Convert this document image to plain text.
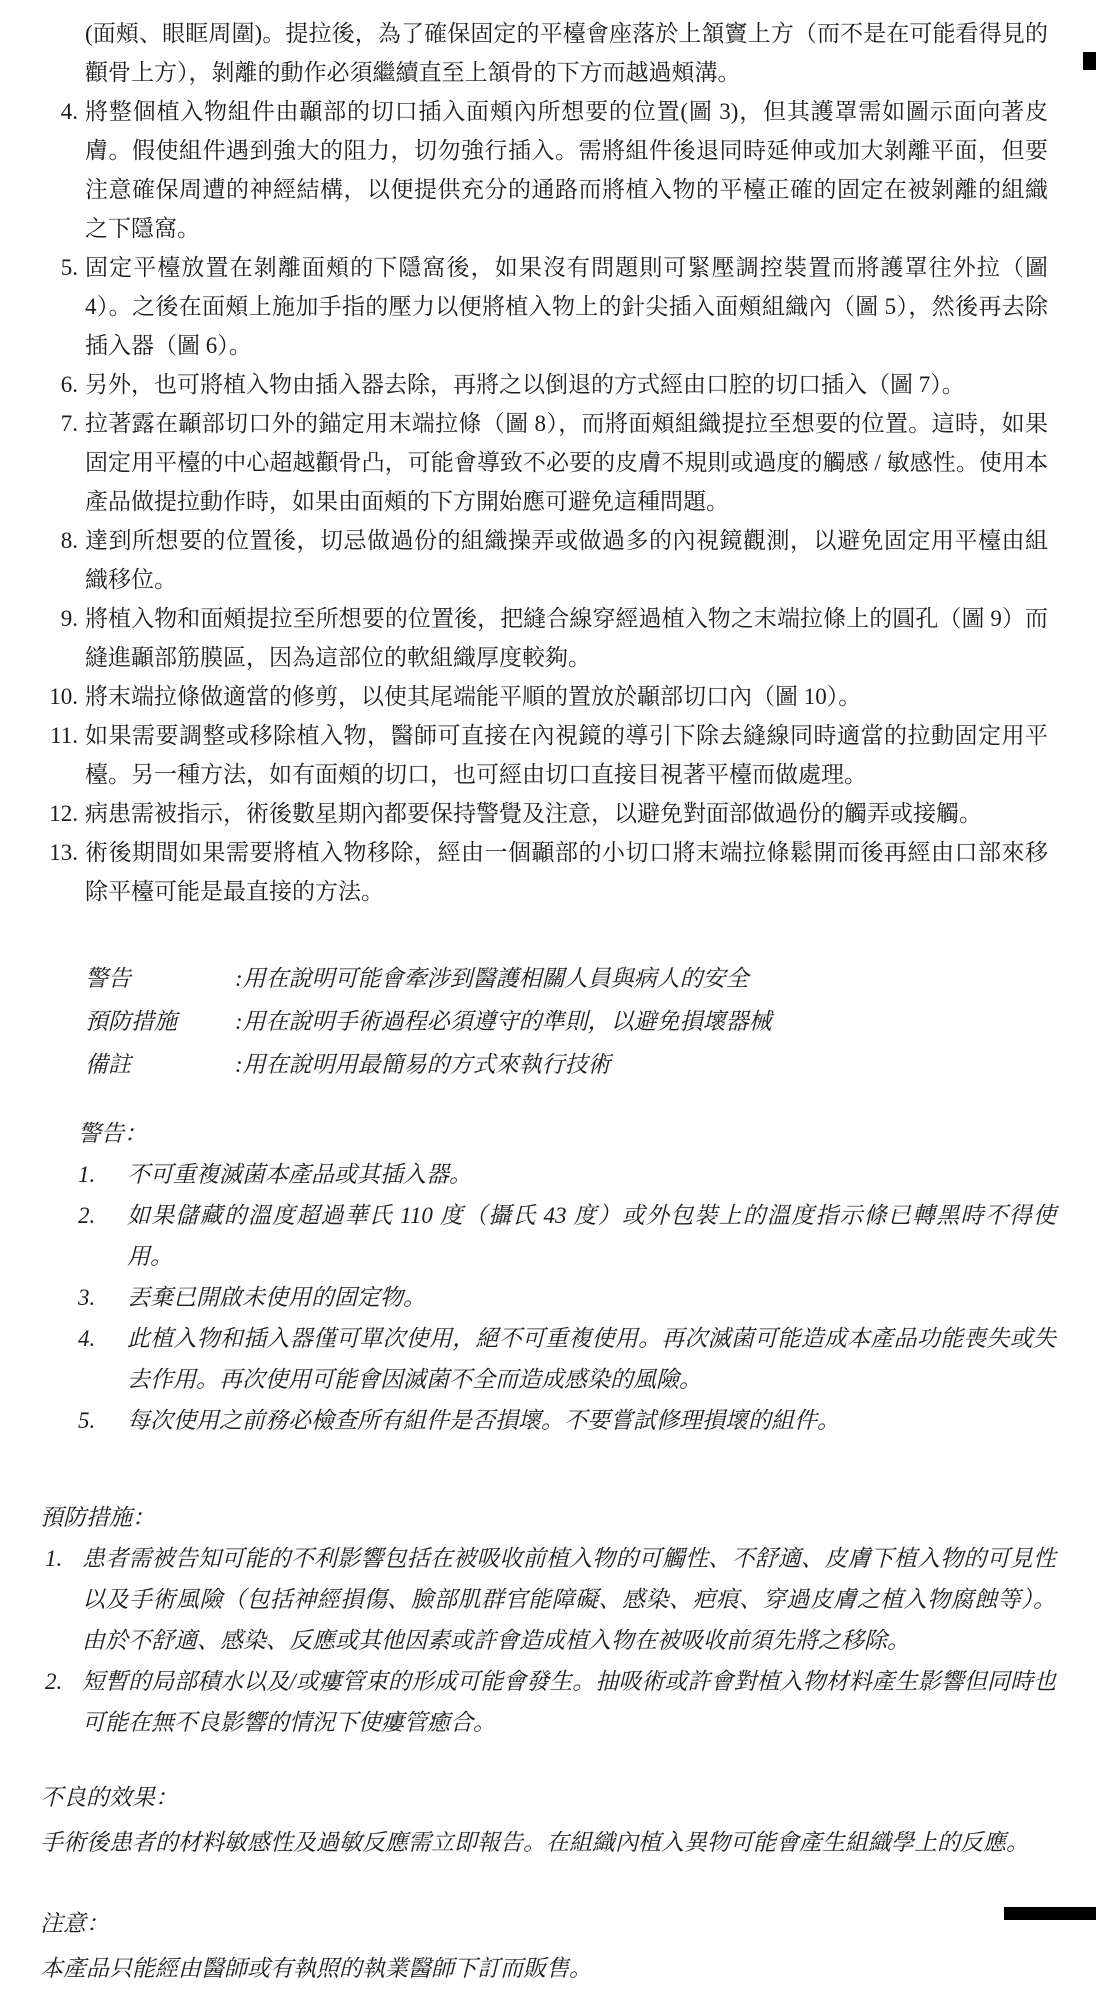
(面頰、眼眶周圍)。提拉後，為了確保固定的平檯會座落於上頷竇上方（而不是在可能看得見的顴骨上方），剝離的動作必須繼續直至上頷骨的下方而越過頰溝。

4. 將整個植入物組件由顳部的切口插入面頰內所想要的位置(圖 3)，但其護罩需如圖示面向著皮膚。假使組件遇到強大的阻力，切勿強行插入。需將組件後退同時延伸或加大剝離平面，但要注意確保周遭的神經結構，以便提供充分的通路而將植入物的平檯正確的固定在被剝離的組織之下隱窩。
5. 固定平檯放置在剝離面頰的下隱窩後，如果沒有問題則可緊壓調控裝置而將護罩往外拉（圖 4）。之後在面頰上施加手指的壓力以便將植入物上的針尖插入面頰組織內（圖 5），然後再去除插入器（圖 6）。
6. 另外，也可將植入物由插入器去除，再將之以倒退的方式經由口腔的切口插入（圖 7）。
7. 拉著露在顳部切口外的錨定用末端拉條（圖 8），而將面頰組織提拉至想要的位置。這時，如果固定用平檯的中心超越顴骨凸，可能會導致不必要的皮膚不規則或過度的觸感 / 敏感性。使用本產品做提拉動作時，如果由面頰的下方開始應可避免這種問題。
8. 達到所想要的位置後，切忌做過份的組織操弄或做過多的內視鏡觀測，以避免固定用平檯由組織移位。
9. 將植入物和面頰提拉至所想要的位置後，把縫合線穿經過植入物之末端拉條上的圓孔（圖 9）而縫進顳部筋膜區，因為這部位的軟組織厚度較夠。
10. 將末端拉條做適當的修剪，以使其尾端能平順的置放於顳部切口內（圖 10）。
11. 如果需要調整或移除植入物，醫師可直接在內視鏡的導引下除去縫線同時適當的拉動固定用平檯。另一種方法，如有面頰的切口，也可經由切口直接目視著平檯而做處理。
12. 病患需被指示，術後數星期內都要保持警覺及注意，以避免對面部做過份的觸弄或接觸。
13. 術後期間如果需要將植入物移除，經由一個顳部的小切口將末端拉條鬆開而後再經由口部來移除平檯可能是最直接的方法。
警告	:用在說明可能會牽涉到醫護相關人員與病人的安全
預防措施	:用在說明手術過程必須遵守的準則，以避免損壞器械
備註	:用在說明用最簡易的方式來執行技術
警告：
1. 不可重複滅菌本產品或其插入器。
2. 如果儲藏的溫度超過華氏 110 度（攝氏 43 度）或外包裝上的溫度指示條已轉黑時不得使用。
3. 丟棄已開啟未使用的固定物。
4. 此植入物和插入器僅可單次使用，絕不可重複使用。再次滅菌可能造成本產品功能喪失或失去作用。再次使用可能會因滅菌不全而造成感染的風險。
5. 每次使用之前務必檢查所有組件是否損壞。不要嘗試修理損壞的組件。
預防措施：
1. 患者需被告知可能的不利影響包括在被吸收前植入物的可觸性、不舒適、皮膚下植入物的可見性以及手術風險（包括神經損傷、臉部肌群官能障礙、感染、疤痕、穿過皮膚之植入物腐蝕等）。由於不舒適、感染、反應或其他因素或許會造成植入物在被吸收前須先將之移除。
2. 短暫的局部積水以及/或瘻管束的形成可能會發生。抽吸術或許會對植入物材料產生影響但同時也可能在無不良影響的情況下使瘻管癒合。
不良的效果：

手術後患者的材料敏感性及過敏反應需立即報告。在組織內植入異物可能會產生組織學上的反應。

注意：

本產品只能經由醫師或有執照的執業醫師下訂而販售。
